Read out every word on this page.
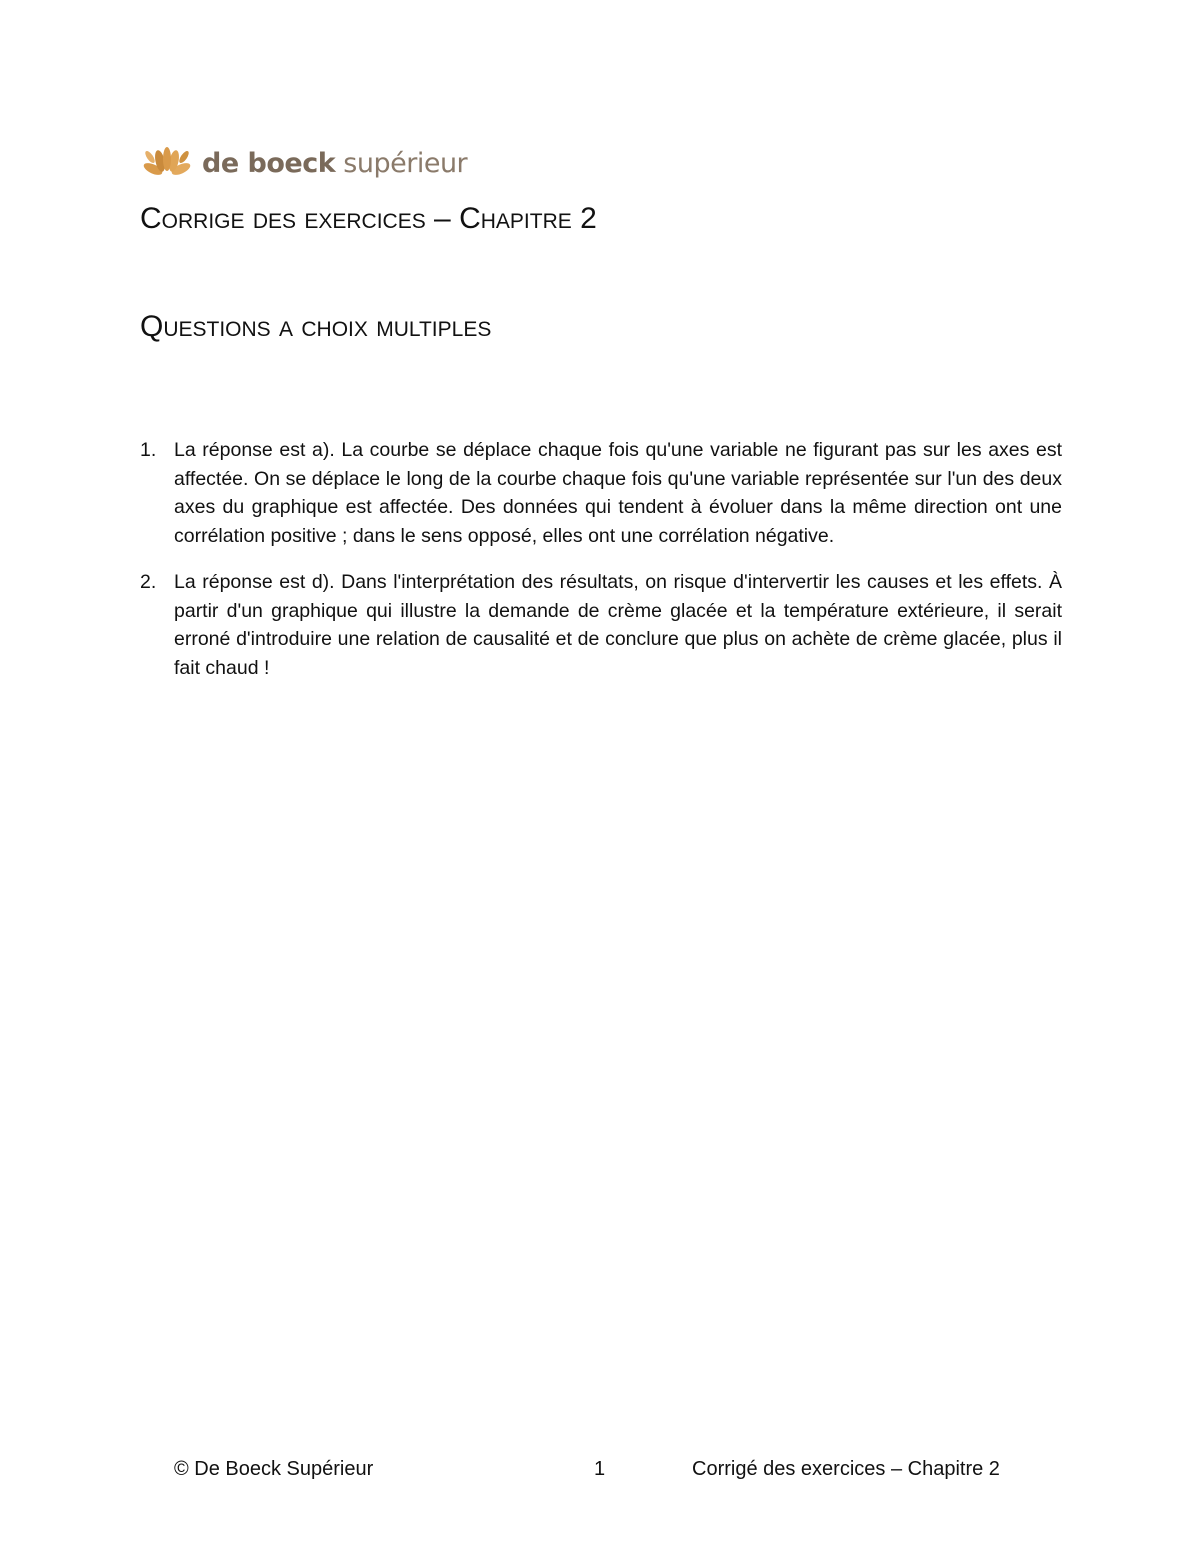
de boeck supérieur
Corrige des exercices – Chapitre 2
Questions a choix multiples
1. La réponse est a). La courbe se déplace chaque fois qu'une variable ne figurant pas sur les axes est affectée. On se déplace le long de la courbe chaque fois qu'une variable représentée sur l'un des deux axes du graphique est affectée. Des données qui tendent à évoluer dans la même direction ont une corrélation positive ; dans le sens opposé, elles ont une corrélation négative.
2. La réponse est d). Dans l'interprétation des résultats, on risque d'intervertir les causes et les effets. À partir d'un graphique qui illustre la demande de crème glacée et la température extérieure, il serait erroné d'introduire une relation de causalité et de conclure que plus on achète de crème glacée, plus il fait chaud !
© De Boeck Supérieur	1	Corrigé des exercices – Chapitre 2
